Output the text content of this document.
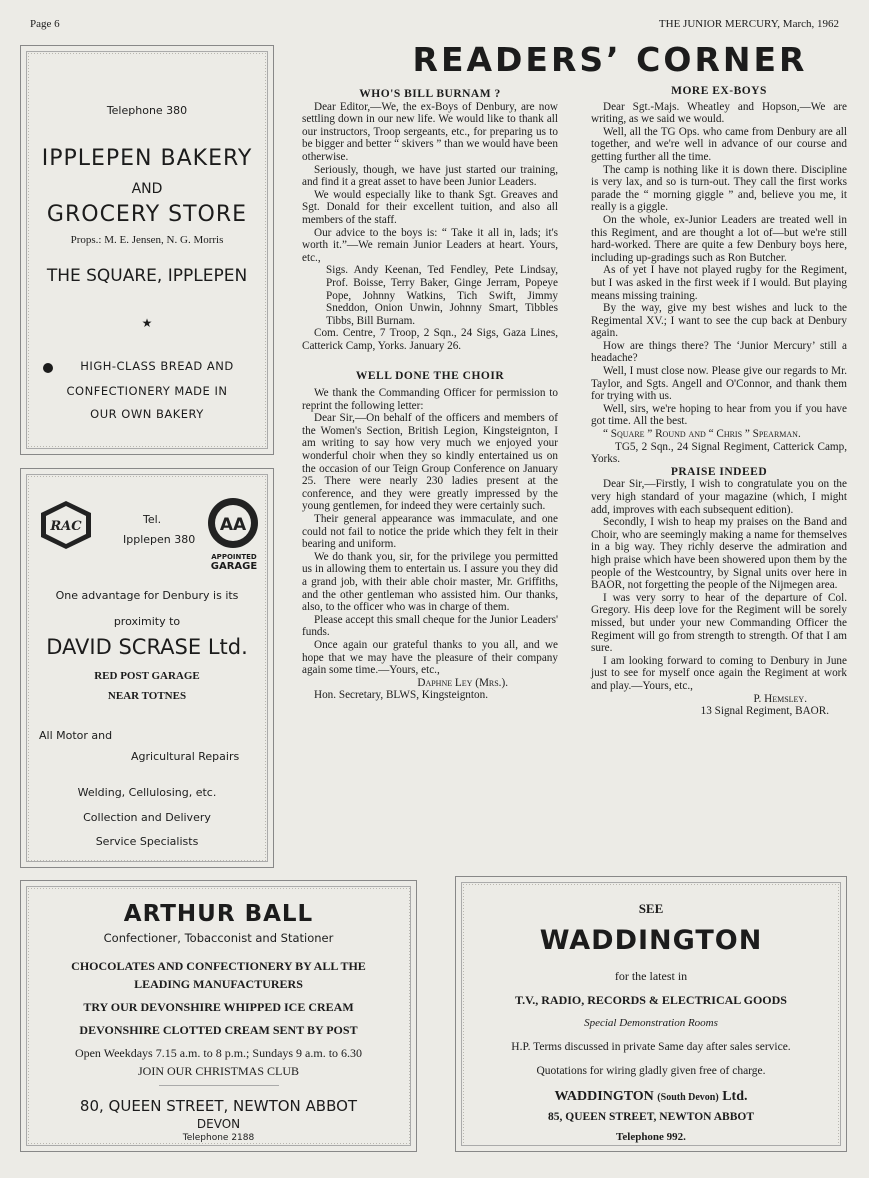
Page 6	THE JUNIOR MERCURY, March, 1962
READERS’ CORNER
Telephone 380
IPPLEPEN BAKERY
AND
GROCERY STORE
Props.: M. E. Jensen, N. G. Morris
THE SQUARE, IPPLEPEN
★
HIGH-CLASS BREAD AND
CONFECTIONERY MADE IN
OUR OWN BAKERY
RAC	Tel.
Ipplepen 380
AA
APPOINTED
GARAGE
One advantage for Denbury is its
proximity to
DAVID SCRASE Ltd.
RED POST GARAGE
NEAR TOTNES
All Motor and
Agricultural Repairs
Welding, Cellulosing, etc.
Collection and Delivery
Service Specialists
WHO'S BILL BURNAM ?

Dear Editor,—We, the ex-Boys of Denbury, are now settling down in our new life. We would like to thank all our instructors, Troop sergeants, etc., for preparing us to be bigger and better “ skivers ” than we would have been otherwise.

Seriously, though, we have just started our training, and find it a great asset to have been Junior Leaders.

We would especially like to thank Sgt. Greaves and Sgt. Donald for their excellent tuition, and also all members of the staff.

Our advice to the boys is: “ Take it all in, lads; it's worth it.”—We remain Junior Leaders at heart. Yours, etc.,

Sigs. Andy Keenan, Ted Fendley, Pete Lindsay, Prof. Boisse, Terry Baker, Ginge Jerram, Popeye Pope, Johnny Watkins, Tich Swift, Jimmy Sneddon, Onion Unwin, Johnny Smart, Tibbles Tibbs, Bill Burnam.

Com. Centre, 7 Troop, 2 Sqn., 24 Sigs, Gaza Lines, Catterick Camp, Yorks. January 26.

WELL DONE THE CHOIR

We thank the Commanding Officer for permission to reprint the following letter:

Dear Sir,—On behalf of the officers and members of the Women's Section, British Legion, Kingsteignton, I am writing to say how very much we enjoyed your wonderful choir when they so kindly entertained us on the occasion of our Teign Group Conference on January 25. There were nearly 230 ladies present at the conference, and they were greatly impressed by the young gentlemen, for indeed they were certainly such.

Their general appearance was immaculate, and one could not fail to notice the pride which they felt in their bearing and uniform.

We do thank you, sir, for the privilege you permitted us in allowing them to entertain us. I assure you they did a grand job, with their able choir master, Mr. Griffiths, and the other gentleman who assisted him. Our thanks, also, to the officer who was in charge of them.

Please accept this small cheque for the Junior Leaders' funds.

Once again our grateful thanks to you all, and we hope that we may have the pleasure of their company again some time.—Yours, etc.,

Daphne Ley (Mrs.).

Hon. Secretary, BLWS, Kingsteignton.

MORE EX-BOYS

Dear Sgt.-Majs. Wheatley and Hopson,—We are writing, as we said we would.

Well, all the TG Ops. who came from Denbury are all together, and we're well in advance of our course and getting further all the time.

The camp is nothing like it is down there. Discipline is very lax, and so is turn-out. They call the first works parade the “ morning giggle ” and, believe you me, it really is a giggle.

On the whole, ex-Junior Leaders are treated well in this Regiment, and are thought a lot of—but we're still hard-worked. There are quite a few Denbury boys here, including up-gradings such as Ron Butcher.

As of yet I have not played rugby for the Regiment, but I was asked in the first week if I would. But playing means missing training.

By the way, give my best wishes and luck to the Regimental XV.; I want to see the cup back at Denbury again.

How are things there? The ‘Junior Mercury’ still a headache?

Well, I must close now. Please give our regards to Mr. Taylor, and Sgts. Angell and O'Connor, and thank them for trying with us.

Well, sirs, we're hoping to hear from you if you have got time. All the best.

“ Square ” Round and “ Chris ” Spearman.

TG5, 2 Sqn., 24 Signal Regiment, Catterick Camp, Yorks.

PRAISE INDEED

Dear Sir,—Firstly, I wish to congratulate you on the very high standard of your magazine (which, I might add, improves with each subsequent edition).

Secondly, I wish to heap my praises on the Band and Choir, who are seemingly making a name for themselves in a big way. They richly deserve the admiration and high praise which have been showered upon them by the people of the Westcountry, by Signal units over here in BAOR, not forgetting the people of the Nijmegen area.

I was very sorry to hear of the departure of Col. Gregory. His deep love for the Regiment will be sorely missed, but under your new Commanding Officer the Regiment will go from strength to strength. Of that I am sure.

I am looking forward to coming to Denbury in June just to see for myself once again the Regiment at work and play.—Yours, etc.,

P. Hemsley.

13 Signal Regiment, BAOR.

ARTHUR BALL
Confectioner, Tobacconist and Stationer
CHOCOLATES AND CONFECTIONERY BY ALL THE
LEADING MANUFACTURERS
TRY OUR DEVONSHIRE WHIPPED ICE CREAM
DEVONSHIRE CLOTTED CREAM SENT BY POST
Open Weekdays 7.15 a.m. to 8 p.m.; Sundays 9 a.m. to 6.30
JOIN OUR CHRISTMAS CLUB
80, QUEEN STREET, NEWTON ABBOT
DEVON
Telephone 2188
SEE
WADDINGTON
for the latest in
T.V., RADIO, RECORDS & ELECTRICAL GOODS
Special Demonstration Rooms
H.P. Terms discussed in private Same day after sales service.
Quotations for wiring gladly given free of charge.
WADDINGTON (South Devon) Ltd.
85, QUEEN STREET, NEWTON ABBOT
Telephone 992.
